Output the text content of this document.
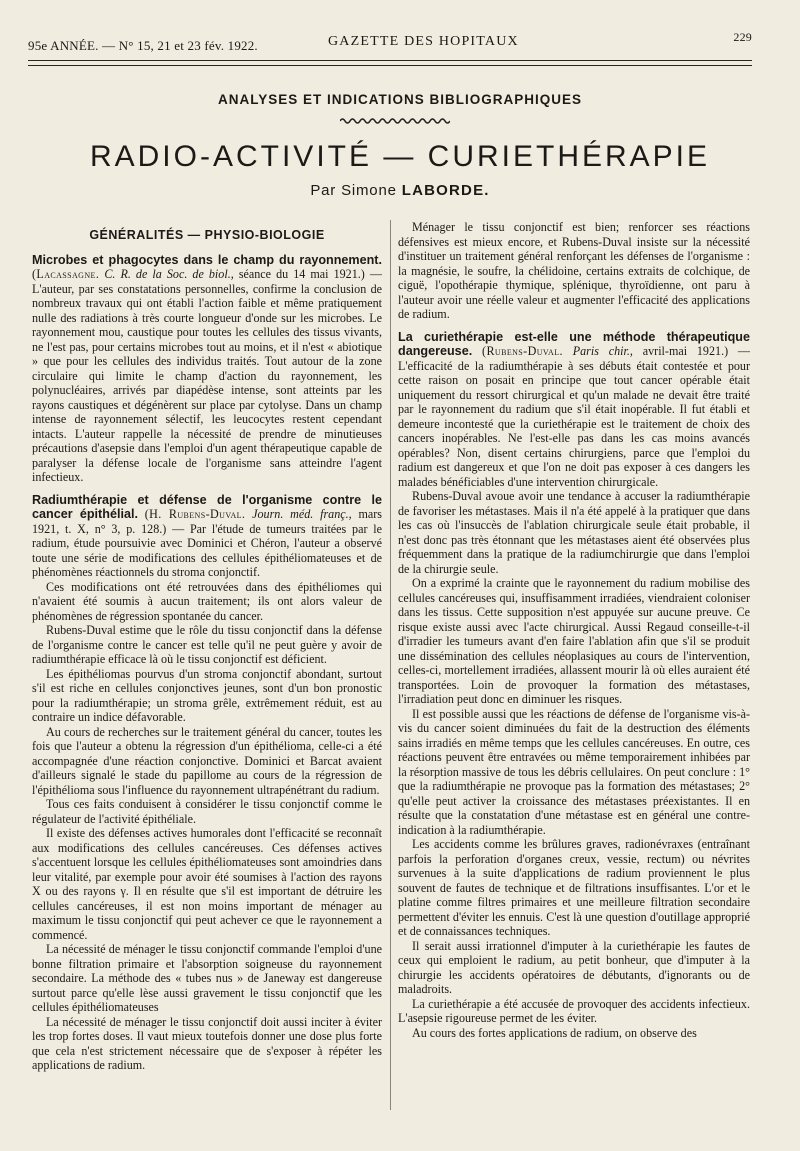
95e ANNÉE. — N° 15, 21 et 23 fév. 1922.	GAZETTE DES HOPITAUX	229
ANALYSES ET INDICATIONS BIBLIOGRAPHIQUES
RADIO-ACTIVITÉ — CURIETHÉRAPIE
Par Simone LABORDE.
GÉNÉRALITÉS — PHYSIO-BIOLOGIE

Microbes et phagocytes dans le champ du rayonnement. (Lacassagne. C. R. de la Soc. de biol., séance du 14 mai 1921.) — L'auteur, par ses constatations personnelles, confirme la conclusion de nombreux travaux qui ont établi l'action faible et même pratiquement nulle des radiations à très courte longueur d'onde sur les microbes. Le rayonnement mou, caustique pour toutes les cellules des tissus vivants, ne l'est pas, pour certains microbes tout au moins, et il n'est « abiotique » que pour les cellules des individus traités. Tout autour de la zone circulaire qui limite le champ d'action du rayonnement, les polynucléaires, arrivés par diapédèse intense, sont atteints par les rayons caustiques et dégénèrent sur place par cytolyse. Dans un champ intense de rayonnement sélectif, les leucocytes restent cependant intacts. L'auteur rappelle la nécessité de prendre de minutieuses précautions d'asepsie dans l'emploi d'un agent thérapeutique capable de paralyser la défense locale de l'organisme sans atteindre l'agent infectieux.

Radiumthérapie et défense de l'organisme contre le cancer épithélial. (H. Rubens-Duval. Journ. méd. franç., mars 1921, t. X, n° 3, p. 128.) — Par l'étude de tumeurs traitées par le radium, étude poursuivie avec Dominici et Chéron, l'auteur a observé toute une série de modifications des cellules épithéliomateuses et de phénomènes réactionnels du stroma conjonctif.

Ces modifications ont été retrouvées dans des épithéliomes qui n'avaient été soumis à aucun traitement; ils ont alors valeur de phénomènes de régression spontanée du cancer.

Rubens-Duval estime que le rôle du tissu conjonctif dans la défense de l'organisme contre le cancer est telle qu'il ne peut guère y avoir de radiumthérapie efficace là où le tissu conjonctif est déficient.

Les épithéliomas pourvus d'un stroma conjonctif abondant, surtout s'il est riche en cellules conjonctives jeunes, sont d'un bon pronostic pour la radiumthérapie; un stroma grêle, extrêmement réduit, est au contraire un indice défavorable.

Au cours de recherches sur le traitement général du cancer, toutes les fois que l'auteur a obtenu la régression d'un épithélioma, celle-ci a été accompagnée d'une réaction conjonctive. Dominici et Barcat avaient d'ailleurs signalé le stade du papillome au cours de la régression de l'épithélioma sous l'influence du rayonnement ultrapénétrant du radium.

Tous ces faits conduisent à considérer le tissu conjonctif comme le régulateur de l'activité épithéliale.

Il existe des défenses actives humorales dont l'efficacité se reconnaît aux modifications des cellules cancéreuses. Ces défenses actives s'accentuent lorsque les cellules épithéliomateuses sont amoindries dans leur vitalité, par exemple pour avoir été soumises à l'action des rayons X ou des rayons γ. Il en résulte que s'il est important de détruire les cellules cancéreuses, il est non moins important de ménager au maximum le tissu conjonctif qui peut achever ce que le rayonnement a commencé.

La nécessité de ménager le tissu conjonctif commande l'emploi d'une bonne filtration primaire et l'absorption soigneuse du rayonnement secondaire. La méthode des « tubes nus » de Janeway est dangereuse surtout parce qu'elle lèse aussi gravement le tissu conjonctif que les cellules épithéliomateuses

La nécessité de ménager le tissu conjonctif doit aussi inciter à éviter les trop fortes doses. Il vaut mieux toutefois donner une dose plus forte que cela n'est strictement nécessaire que de s'exposer à répéter les applications de radium.

Ménager le tissu conjonctif est bien; renforcer ses réactions défensives est mieux encore, et Rubens-Duval insiste sur la nécessité d'instituer un traitement général renforçant les défenses de l'organisme : la magnésie, le soufre, la chélidoine, certains extraits de colchique, de ciguë, l'opothérapie thymique, splénique, thyroïdienne, ont paru à l'auteur avoir une réelle valeur et augmenter l'efficacité des applications de radium.

La curiethérapie est-elle une méthode thérapeutique dangereuse. (Rubens-Duval. Paris chir., avril-mai 1921.) — L'efficacité de la radiumthérapie à ses débuts était contestée et pour cette raison on posait en principe que tout cancer opérable était uniquement du ressort chirurgical et qu'un malade ne devait être traité par le rayonnement du radium que s'il était inopérable. Il fut établi et demeure incontesté que la curiethérapie est le traitement de choix des cancers inopérables. Ne l'est-elle pas dans les cas moins avancés opérables? Non, disent certains chirurgiens, parce que l'emploi du radium est dangereux et que l'on ne doit pas exposer à ces dangers les malades bénéficiables d'une intervention chirurgicale.

Rubens-Duval avoue avoir une tendance à accuser la radiumthérapie de favoriser les métastases. Mais il n'a été appelé à la pratiquer que dans les cas où l'insuccès de l'ablation chirurgicale seule était probable, il n'est donc pas très étonnant que les métastases aient été observées plus fréquemment dans la pratique de la radiumchirurgie que dans l'emploi de la chirurgie seule.

On a exprimé la crainte que le rayonnement du radium mobilise des cellules cancéreuses qui, insuffisamment irradiées, viendraient coloniser dans les tissus. Cette supposition n'est appuyée sur aucune preuve. Ce risque existe aussi avec l'acte chirurgical. Aussi Regaud conseille-t-il d'irradier les tumeurs avant d'en faire l'ablation afin que s'il se produit une dissémination des cellules néoplasiques au cours de l'intervention, celles-ci, mortellement irradiées, allassent mourir là où elles auraient été transportées. Loin de provoquer la formation des métastases, l'irradiation peut donc en diminuer les risques.

Il est possible aussi que les réactions de défense de l'organisme vis-à-vis du cancer soient diminuées du fait de la destruction des éléments sains irradiés en même temps que les cellules cancéreuses. En outre, ces réactions peuvent être entravées ou même temporairement inhibées par la résorption massive de tous les débris cellulaires. On peut conclure : 1° que la radiumthérapie ne provoque pas la formation des métastases; 2° qu'elle peut activer la croissance des métastases préexistantes. Il en résulte que la constatation d'une métastase est en général une contre-indication à la radiumthérapie.

Les accidents comme les brûlures graves, radionévraxes (entraînant parfois la perforation d'organes creux, vessie, rectum) ou névrites survenues à la suite d'applications de radium proviennent le plus souvent de fautes de technique et de filtrations insuffisantes. L'or et le platine comme filtres primaires et une meilleure filtration secondaire permettent d'éviter les ennuis. C'est là une question d'outillage approprié et de connaissances techniques.

Il serait aussi irrationnel d'imputer à la curiethérapie les fautes de ceux qui emploient le radium, au petit bonheur, que d'imputer à la chirurgie les accidents opératoires de débutants, d'ignorants ou de maladroits.

La curiethérapie a été accusée de provoquer des accidents infectieux. L'asepsie rigoureuse permet de les éviter.

Au cours des fortes applications de radium, on observe des
